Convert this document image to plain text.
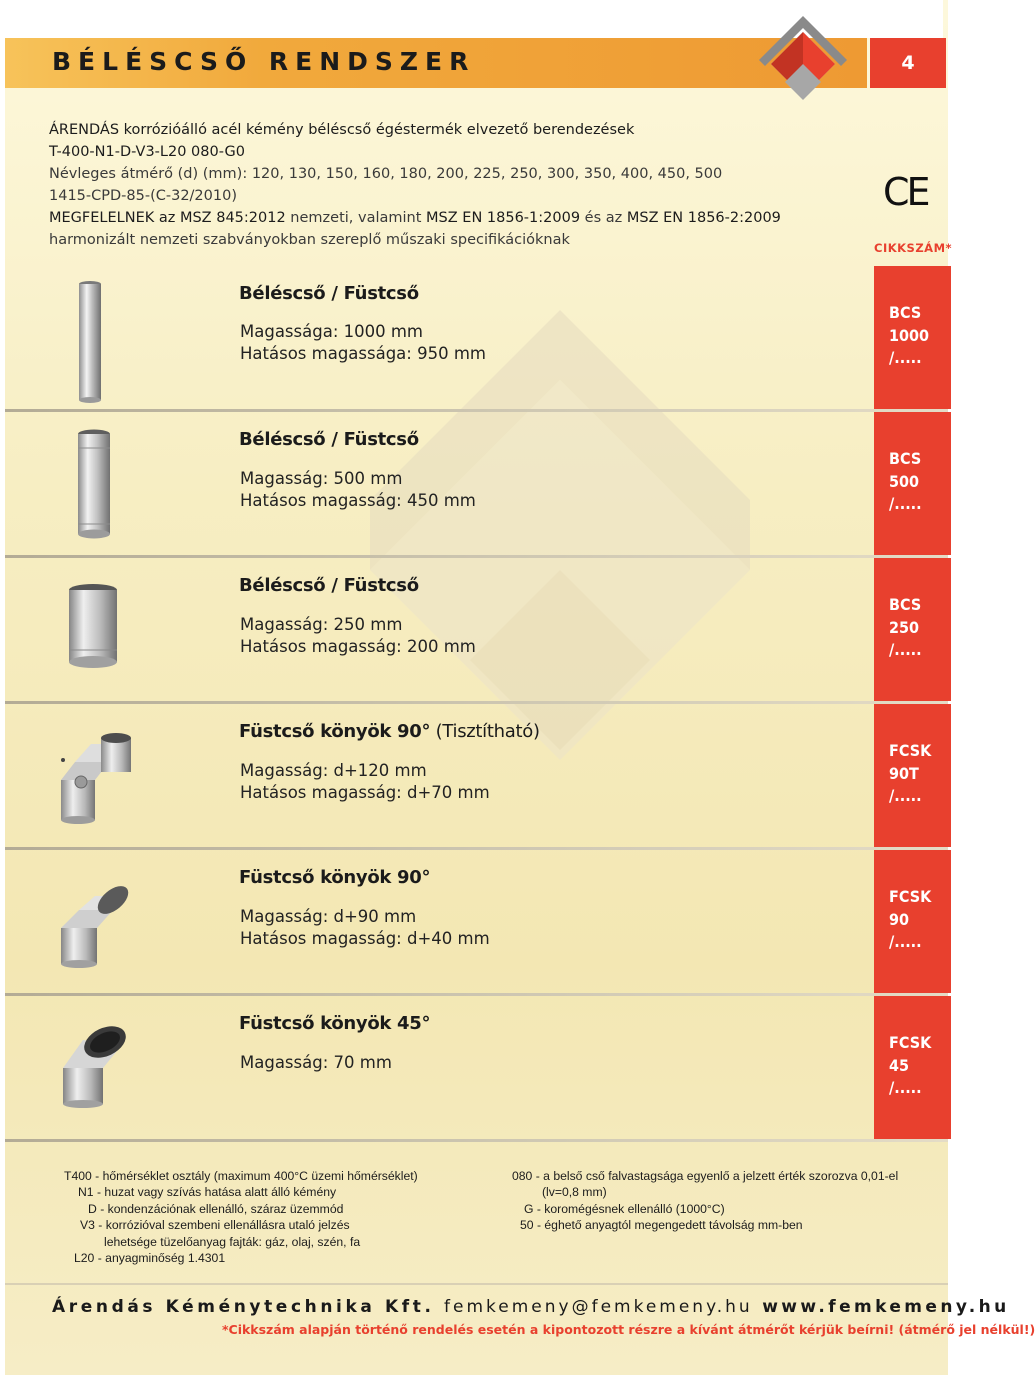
BÉLÉSCSŐ RENDSZER	4
ÁRENDÁS korrózióálló acél kémény béléscső égéstermék elvezető berendezések
T-400-N1-D-V3-L20 080-G0
Névleges átmérő (d) (mm): 120, 130, 150, 160, 180, 200, 225, 250, 300, 350, 400, 450, 500
1415-CPD-85-(C-32/2010)
MEGFELELNEK az MSZ 845:2012 nemzeti, valamint MSZ EN 1856-1:2009 és az MSZ EN 1856-2:2009
harmonizált nemzeti szabványokban szereplő műszaki specifikációknak
CE
CIKKSZÁM*
Béléscső / Füstcső
Magassága: 1000 mm
Hatásos magassága: 950 mm
BCS
1000
/.....
Béléscső / Füstcső
Magasság: 500 mm
Hatásos magasság: 450 mm
BCS
500
/.....
Béléscső / Füstcső
Magasság: 250 mm
Hatásos magasság: 200 mm
BCS
250
/.....
Füstcső könyök 90° (Tisztítható)
Magasság: d+120 mm
Hatásos magasság: d+70 mm
FCSK
90T
/.....
Füstcső könyök 90°
Magasság: d+90 mm
Hatásos magasság: d+40 mm
FCSK
90
/.....
Füstcső könyök 45°
Magasság: 70 mm
FCSK
45
/.....
T400 - hőmérséklet osztály (maximum 400°C üzemi hőmérséklet)
N1 - huzat vagy szívás hatása alatt álló kémény
D - kondenzációnak ellenálló, száraz üzemmód
V3 - korrózióval szembeni ellenállásra utaló jelzés
lehetsége tüzelőanyag fajták: gáz, olaj, szén, fa
L20 - anyagminőség 1.4301
080 - a belső cső falvastagsága egyenlő a jelzett érték szorozva 0,01-el
(lv=0,8 mm)
G - koromégésnek ellenálló (1000°C)
50 - éghető anyagtól megengedett távolság mm-ben
Árendás Kéménytechnika Kft. femkemeny@femkemeny.hu www.femkemeny.hu
*Cikkszám alapján történő rendelés esetén a kipontozott részre a kívánt átmérőt kérjük beírni! (átmérő jel nélkül!)
